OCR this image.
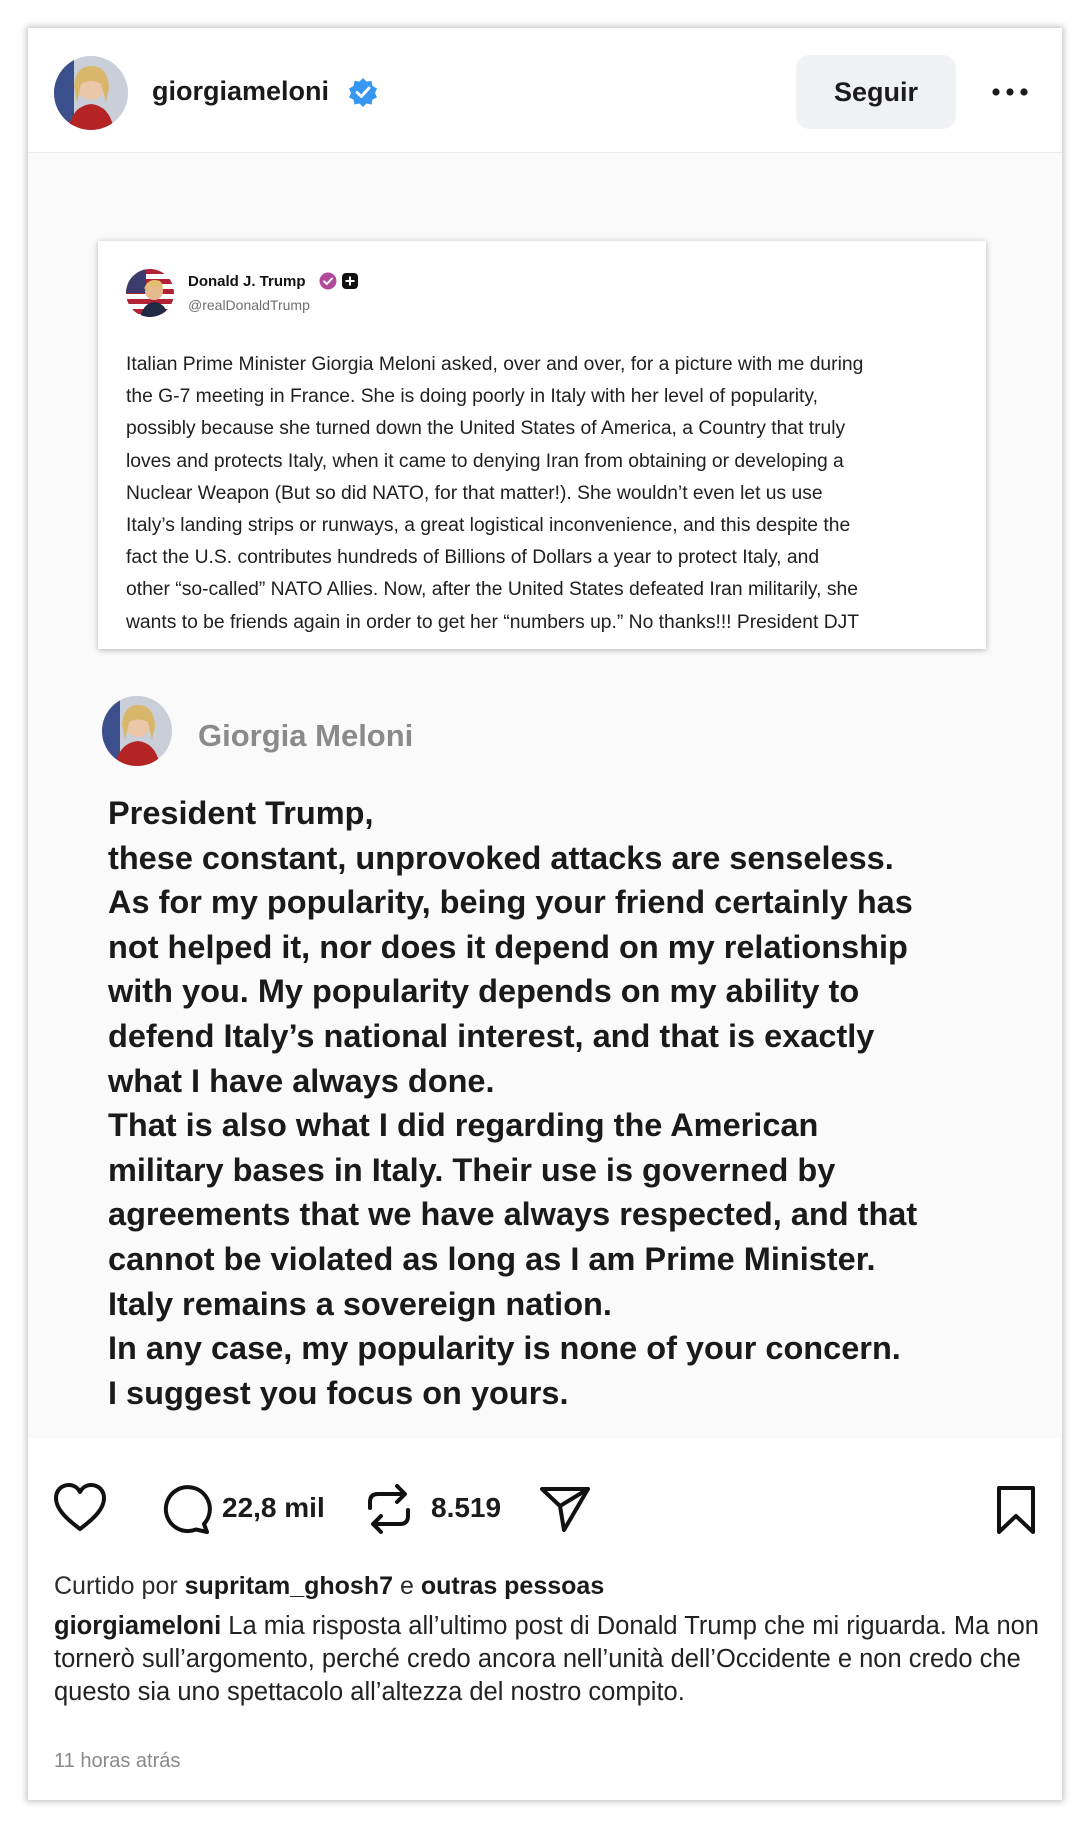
giorgiameloni	Seguir
Donald J. Trump
@realDonaldTrump
Italian Prime Minister Giorgia Meloni asked, over and over, for a picture with me during
the G-7 meeting in France. She is doing poorly in Italy with her level of popularity,
possibly because she turned down the United States of America, a Country that truly
loves and protects Italy, when it came to denying Iran from obtaining or developing a
Nuclear Weapon (But so did NATO, for that matter!). She wouldn’t even let us use
Italy’s landing strips or runways, a great logistical inconvenience, and this despite the
fact the U.S. contributes hundreds of Billions of Dollars a year to protect Italy, and
other “so-called” NATO Allies. Now, after the United States defeated Iran militarily, she
wants to be friends again in order to get her “numbers up.” No thanks!!! President DJT
Giorgia Meloni
President Trump,
these constant, unprovoked attacks are senseless.
As for my popularity, being your friend certainly has
not helped it, nor does it depend on my relationship
with you. My popularity depends on my ability to
defend Italy’s national interest, and that is exactly
what I have always done.
That is also what I did regarding the American
military bases in Italy. Their use is governed by
agreements that we have always respected, and that
cannot be violated as long as I am Prime Minister.
Italy remains a sovereign nation.
In any case, my popularity is none of your concern.
I suggest you focus on yours.
22,8 mil	8.519
Curtido por supritam_ghosh7 e outras pessoas
giorgiameloni La mia risposta all’ultimo post di Donald Trump che mi riguarda. Ma non tornerò sull’argomento, perché credo ancora nell’unità dell’Occidente e non credo che questo sia uno spettacolo all’altezza del nostro compito.
11 horas atrás
